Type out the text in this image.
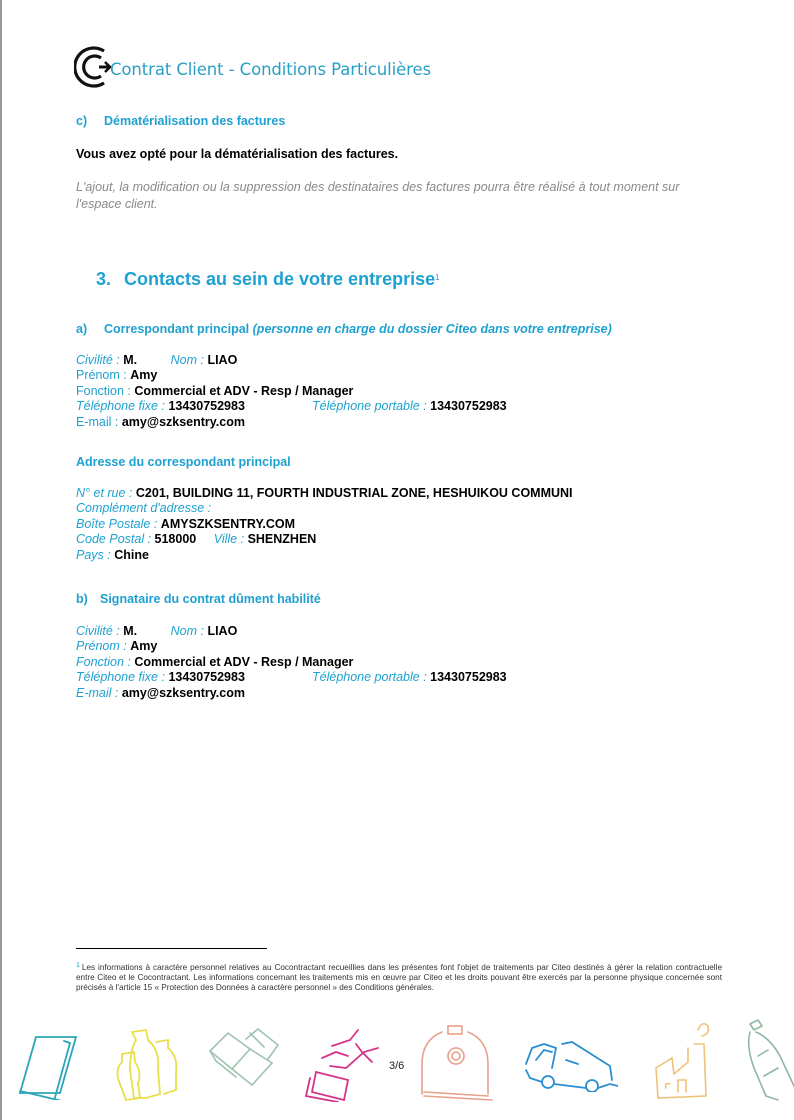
Contrat Client - Conditions Particulières
c) Dématérialisation des factures
Vous avez opté pour la dématérialisation des factures.
L'ajout, la modification ou la suppression des destinataires des factures pourra être réalisé à tout moment sur l'espace client.
3. Contacts au sein de votre entreprise$^1$
a) Correspondant principal (personne en charge du dossier Citeo dans votre entreprise)
Civilité : M.	Nom : LIAO
Prénom : Amy
Fonction : Commercial et ADV - Resp / Manager
Téléphone fixe : 13430752983	Téléphone portable : 13430752983
E-mail : amy@szksentry.com
Adresse du correspondant principal
N° et rue : C201, BUILDING 11, FOURTH INDUSTRIAL ZONE, HESHUIKOU COMMUNI
Complément d'adresse :
Boîte Postale : AMYSZKSENTRY.COM
Code Postal : 518000 Ville : SHENZHEN
Pays : Chine
b) Signataire du contrat dûment habilité
Civilité : M.	Nom : LIAO
Prénom : Amy
Fonction : Commercial et ADV - Resp / Manager
Téléphone fixe : 13430752983	Téléphone portable : 13430752983
E-mail : amy@szksentry.com
$^1$ Les informations à caractère personnel relatives au Cocontractant recueillies dans les présentes font l'objet de traitements par Citeo destinés à gérer la relation contractuelle entre Citeo et le Cocontractant. Les informations concernant les traitements mis en œuvre par Citeo et les droits pouvant être exercés par la personne physique concernée sont précisés à l'article 15 « Protection des Données à caractère personnel » des Conditions générales.
3/6
